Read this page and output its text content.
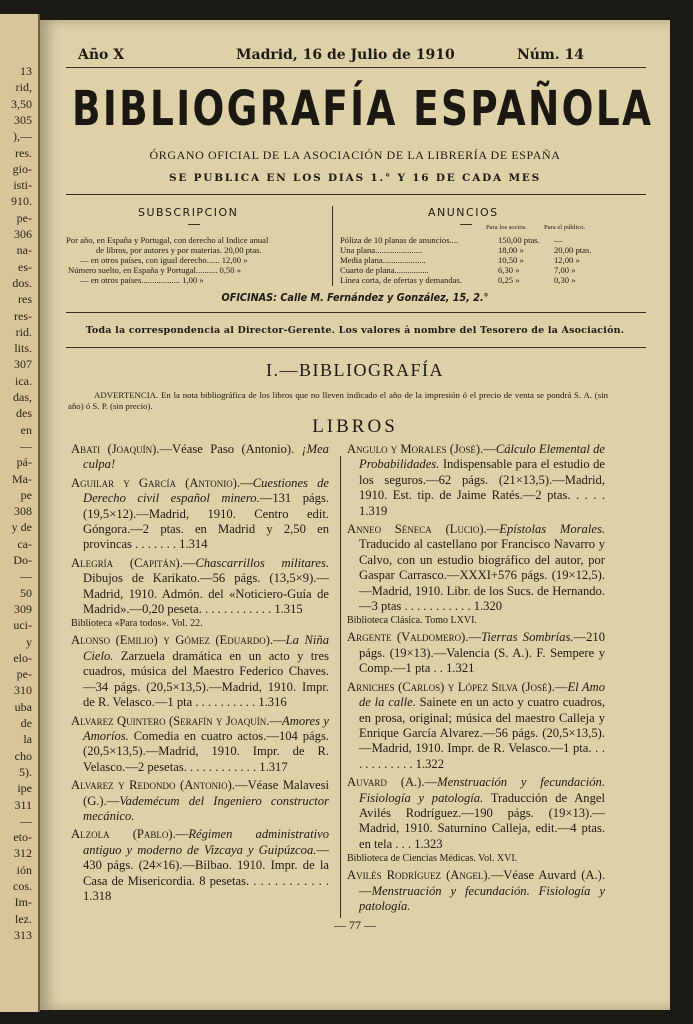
13
rid,
3,50
305
),—
res.
gio-
isti-
910.
pe-
306
na-
es-
dos.
res
res-
rid.
lits.
307
ica.
das,
des
en
—
pá-
Ma-
pe
308
y de
ca-
Do-
—
50
309
uci-
y
elo-
pe-
310
uba
de
la
cho
5).
ipe
311
—
eto-
312
ión
cos.
Im-
lez.
313
Año X	Madrid, 16 de Julio de 1910	Núm. 14
BIBLIOGRAFÍA ESPAÑOLA
ÓRGANO OFICIAL DE LA ASOCIACIÓN DE LA LIBRERÍA DE ESPAÑA
SE PUBLICA EN LOS DIAS 1.° Y 16 DE CADA MES
SUBSCRIPCION
Por año, en España y Portugal, con derecho al Indice anual
de libros, por autores y por materias. 20,00 ptas.
— en otros países, con igual derecho...... 12,00 »
Número suelto, en España y Portugal.......... 0,50 »
— en otros países.................. 1,00 »
ANUNCIOS
Para los socios.	Para el público.
Póliza de 10 planas de anuncios....	150,00 ptas. —
Una plana......................	18,00 »	20,00 ptas.
Media plana....................	10,50 »	12,00 »
Cuarto de plana................	6,30 »	7,00 »
Línea corta, de ofertas y demandas.	0,25 »	0,30 »
OFICINAS: Calle M. Fernández y González, 15, 2.°
Toda la correspondencia al Director-Gerente. Los valores á nombre del Tesorero de la Asociación.
I.—BIBLIOGRAFÍA
ADVERTENCIA. En la nota bibliográfica de los libros que no lleven indicado el año de la impresión ó el precio de venta se pondrá S. A. (sin año) ó S. P. (sin precio).
LIBROS

Abati (Joaquín).—Véase Paso (Antonio). ¡Mea culpa!

Aguilar y García (Antonio).—Cuestiones de Derecho civil español minero.—131 págs. (19,5×12).—Madrid, 1910. Centro edit. Góngora.—2 ptas. en Madrid y 2,50 en provincas . . . . . . . 1.314

Alegría (Capitán).—Chascarrillos militares. Dibujos de Karikato.—56 págs. (13,5×9).—Madrid, 1910. Admón. del «Noticiero-Guía de Madrid».—0,20 peseta. . . . . . . . . . . . 1.315

Biblioteca «Para todos». Vol. 22.

Alonso (Emilio) y Gómez (Eduardo).—La Niña Cielo. Zarzuela dramática en un acto y tres cuadros, música del Maestro Federico Chaves.—34 págs. (20,5×13,5).—Madrid, 1910. Impr. de R. Velasco.—1 pta . . . . . . . . . . 1.316

Alvarez Quintero (Serafín y Joaquín.—Amores y Amoríos. Comedia en cuatro actos.—104 págs. (20,5×13,5).—Madrid, 1910. Impr. de R. Velasco.—2 pesetas. . . . . . . . . . . . 1.317

Alvarez y Redondo (Antonio).—Véase Malavesi (G.).—Vademécum del Ingeniero constructor mecánico.

Alzola (Pablo).—Régimen administrativo antiguo y moderno de Vizcaya y Guipúzcoa.—430 págs. (24×16).—Bilbao. 1910. Impr. de la Casa de Misericordia. 8 pesetas. . . . . . . . . . . . 1.318

Angulo y Morales (José).—Cálculo Elemental de Probabilidades. Indispensable para el estudio de los seguros.—62 págs. (21×13,5).—Madrid, 1910. Est. tip. de Jaime Ratés.—2 ptas. . . . . 1.319

Anneo Séneca (Lucio).—Epístolas Morales. Traducido al castellano por Francisco Navarro y Calvo, con un estudio biográfico del autor, por Gaspar Carrasco.—XXXI+576 págs. (19×12,5).—Madrid, 1910. Libr. de los Sucs. de Hernando.—3 ptas . . . . . . . . . . . 1.320

Biblioteca Clásica. Tomo LXVI.

Argente (Valdomero).—Tierras Sombrías.—210 págs. (19×13).—Valencia (S. A.). F. Sempere y Comp.—1 pta . . 1.321

Arniches (Carlos) y López Silva (José).—El Amo de la calle. Sainete en un acto y cuatro cuadros, en prosa, original; música del maestro Calleja y Enrique García Alvarez.—56 págs. (20,5×13,5).—Madrid, 1910. Impr. de R. Velasco.—1 pta. . . . . . . . . . . . 1.322

Auvard (A.).—Menstruación y fecundación. Fisiología y patología. Traducción de Angel Avilés Rodríguez.—190 págs. (19×13).—Madrid, 1910. Saturnino Calleja, edit.—4 ptas. en tela . . . 1.323

Biblioteca de Ciencias Médicas. Vol. XVI.

Avilés Rodríguez (Angel).—Véase Auvard (A.).—Menstruación y fecundación. Fisiología y patología.

— 77 —
